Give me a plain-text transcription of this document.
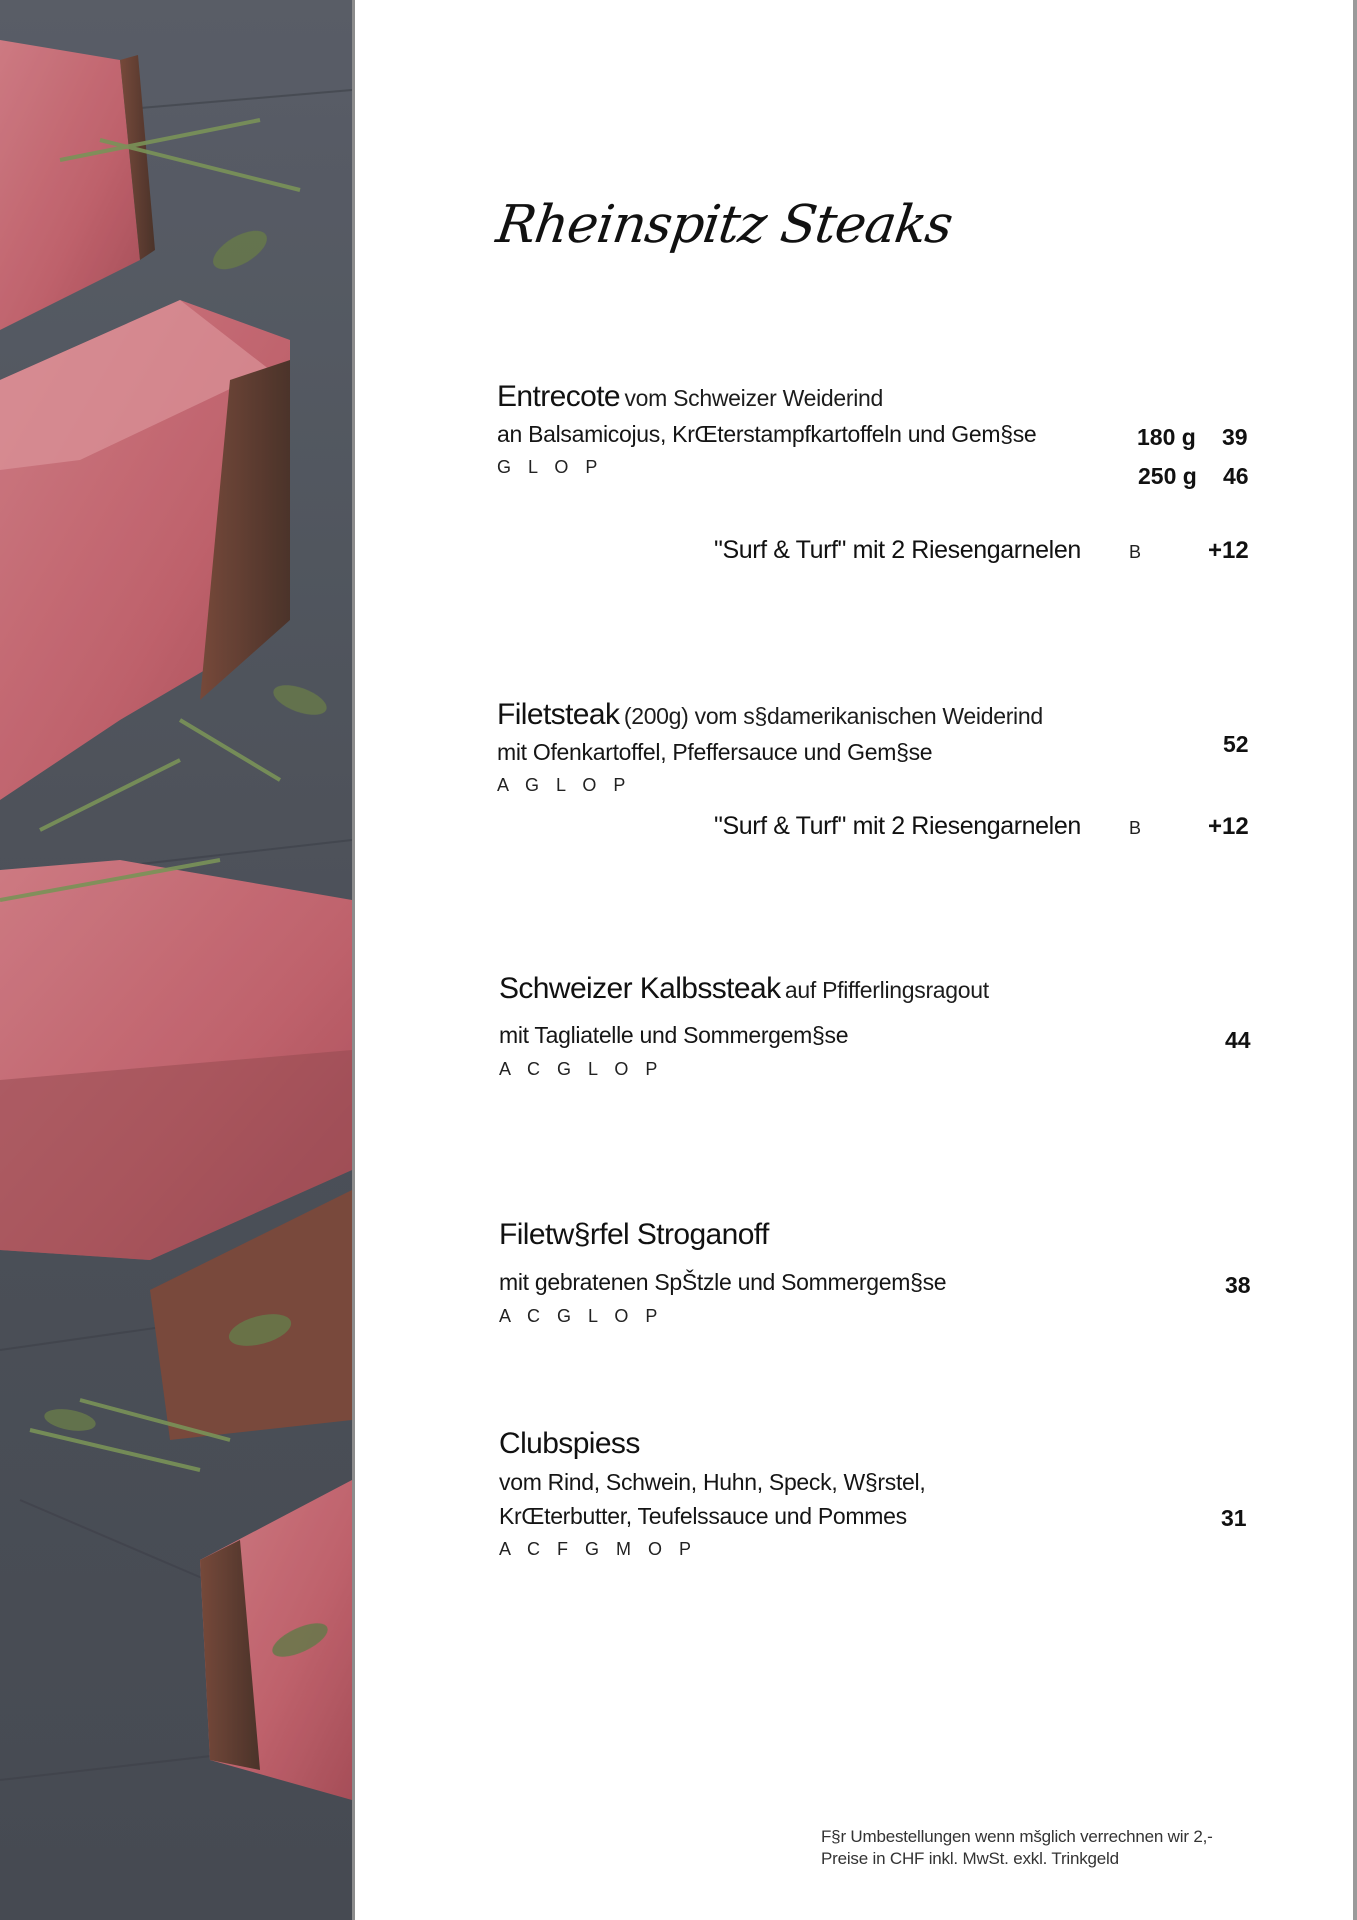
Rheinspitz Steaks
Entrecote vom Schweizer Weiderind
an Balsamicojus, KrŒterstampfkartoffeln und Gem§se
G L O P
180 g 39
250 g 46
"Surf & Turf" mit 2 Riesengarnelen	B	+12
Filetsteak (200g) vom s§damerikanischen Weiderind
mit Ofenkartoffel, Pfeffersauce und Gem§se
A G L O P
52
"Surf & Turf" mit 2 Riesengarnelen	B	+12
Schweizer Kalbssteak auf Pfifferlingsragout
mit Tagliatelle und Sommergem§se
A C G L O P
44
Filetw§rfel Stroganoff
mit gebratenen SpŠtzle und Sommergem§se
A C G L O P
38
Clubspiess
vom Rind, Schwein, Huhn, Speck, W§rstel,
KrŒterbutter, Teufelssauce und Pommes
A C F G M O P
31
F§r Umbestellungen wenn mšglich verrechnen wir 2,-
Preise in CHF inkl. MwSt. exkl. Trinkgeld
